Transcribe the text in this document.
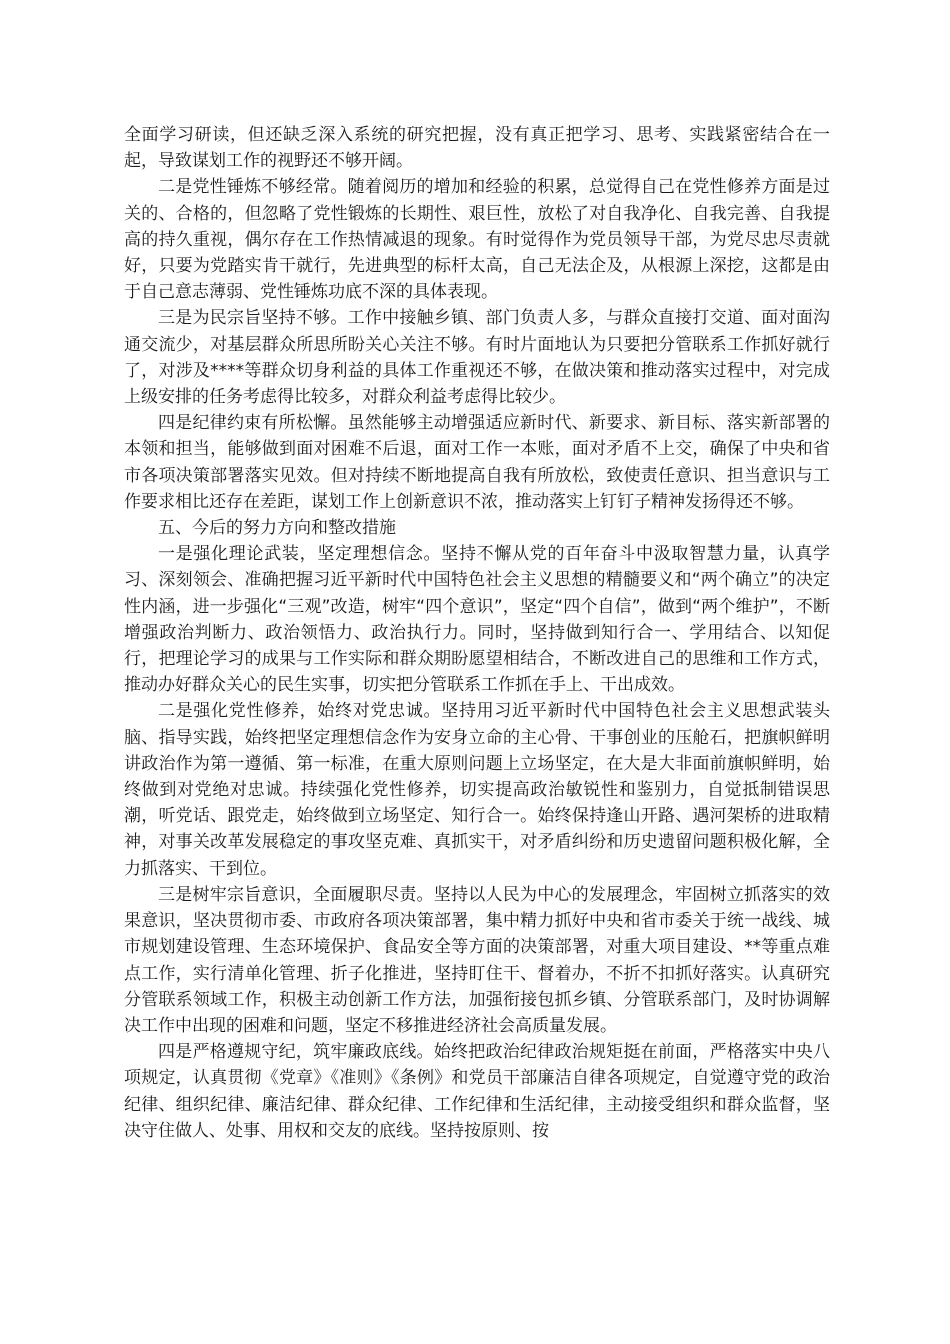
全面学习研读，但还缺乏深入系统的研究把握，没有真正把学习、思考、实践紧密结合在一起，导致谋划工作的视野还不够开阔。

二是党性锤炼不够经常。随着阅历的增加和经验的积累，总觉得自己在党性修养方面是过关的、合格的，但忽略了党性锻炼的长期性、艰巨性，放松了对自我净化、自我完善、自我提高的持久重视，偶尔存在工作热情减退的现象。有时觉得作为党员领导干部，为党尽忠尽责就好，只要为党踏实肯干就行，先进典型的标杆太高，自己无法企及，从根源上深挖，这都是由于自己意志薄弱、党性锤炼功底不深的具体表现。

三是为民宗旨坚持不够。工作中接触乡镇、部门负责人多，与群众直接打交道、面对面沟通交流少，对基层群众所思所盼关心关注不够。有时片面地认为只要把分管联系工作抓好就行了，对涉及****等群众切身利益的具体工作重视还不够，在做决策和推动落实过程中，对完成上级安排的任务考虑得比较多，对群众利益考虑得比较少。

四是纪律约束有所松懈。虽然能够主动增强适应新时代、新要求、新目标、落实新部署的本领和担当，能够做到面对困难不后退，面对工作一本账，面对矛盾不上交，确保了中央和省市各项决策部署落实见效。但对持续不断地提高自我有所放松，致使责任意识、担当意识与工作要求相比还存在差距，谋划工作上创新意识不浓，推动落实上钉钉子精神发扬得还不够。

五、今后的努力方向和整改措施

一是强化理论武装，坚定理想信念。坚持不懈从党的百年奋斗中汲取智慧力量，认真学习、深刻领会、准确把握习近平新时代中国特色社会主义思想的精髓要义和“两个确立”的决定性内涵，进一步强化“三观”改造，树牢“四个意识”，坚定“四个自信”，做到“两个维护”，不断增强政治判断力、政治领悟力、政治执行力。同时，坚持做到知行合一、学用结合、以知促行，把理论学习的成果与工作实际和群众期盼愿望相结合，不断改进自己的思维和工作方式，推动办好群众关心的民生实事，切实把分管联系工作抓在手上、干出成效。

二是强化党性修养，始终对党忠诚。坚持用习近平新时代中国特色社会主义思想武装头脑、指导实践，始终把坚定理想信念作为安身立命的主心骨、干事创业的压舱石，把旗帜鲜明讲政治作为第一遵循、第一标准，在重大原则问题上立场坚定，在大是大非面前旗帜鲜明，始终做到对党绝对忠诚。持续强化党性修养，切实提高政治敏锐性和鉴别力，自觉抵制错误思潮，听党话、跟党走，始终做到立场坚定、知行合一。始终保持逢山开路、遇河架桥的进取精神，对事关改革发展稳定的事攻坚克难、真抓实干，对矛盾纠纷和历史遗留问题积极化解，全力抓落实、干到位。

三是树牢宗旨意识，全面履职尽责。坚持以人民为中心的发展理念，牢固树立抓落实的效果意识，坚决贯彻市委、市政府各项决策部署，集中精力抓好中央和省市委关于统一战线、城市规划建设管理、生态环境保护、食品安全等方面的决策部署，对重大项目建设、**等重点难点工作，实行清单化管理、折子化推进，坚持盯住干、督着办，不折不扣抓好落实。认真研究分管联系领域工作，积极主动创新工作方法，加强衔接包抓乡镇、分管联系部门，及时协调解决工作中出现的困难和问题，坚定不移推进经济社会高质量发展。

四是严格遵规守纪，筑牢廉政底线。始终把政治纪律政治规矩挺在前面，严格落实中央八项规定，认真贯彻《党章》《准则》《条例》和党员干部廉洁自律各项规定，自觉遵守党的政治纪律、组织纪律、廉洁纪律、群众纪律、工作纪律和生活纪律，主动接受组织和群众监督，坚决守住做人、处事、用权和交友的底线。坚持按原则、按
